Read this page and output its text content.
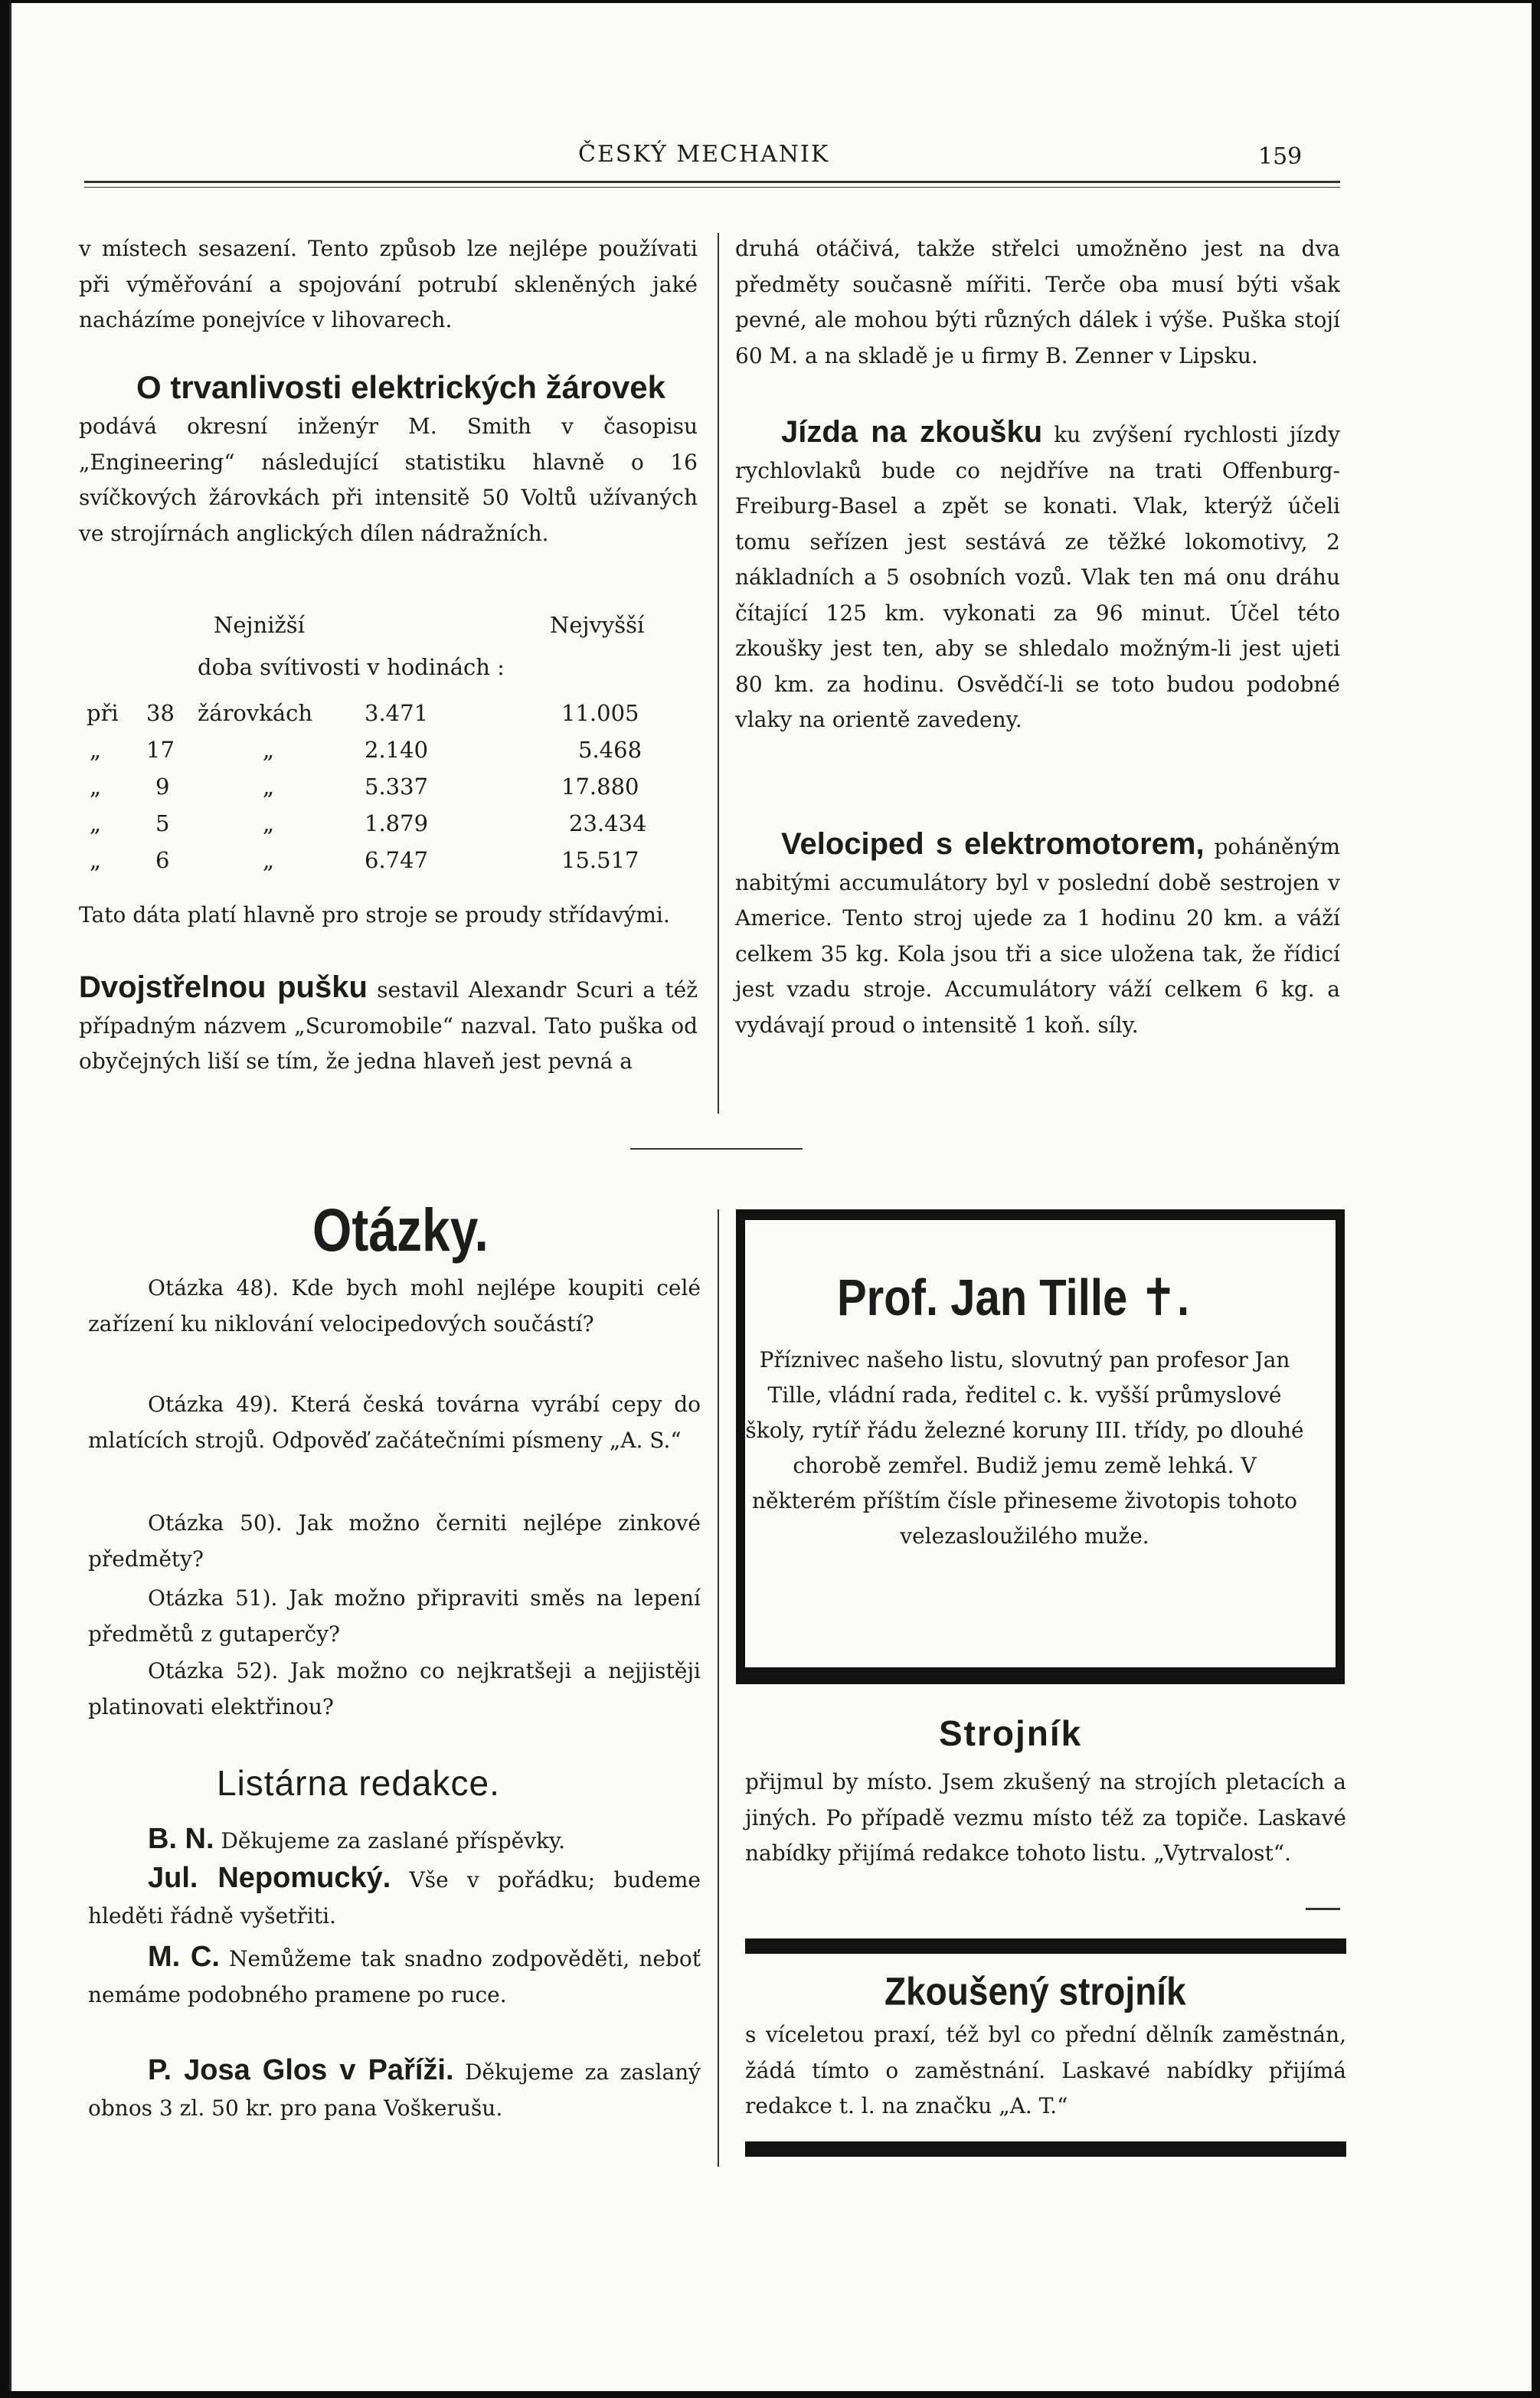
ČESKÝ MECHANIK	159
v místech sesazení. Tento způsob lze nejlépe používati při výměřování a spojování potrubí skleněných jaké nacházíme ponejvíce v lihovarech.
O trvanlivosti elektrických žárovek
podává okresní inženýr M. Smith v časopisu „Engineering“ následující statistiku hlavně o 16 svíčkových žárovkách při intensitě 50 Voltů užívaných ve strojírnách anglických dílen nádražních.
Nejnižší	Nejvyšší
doba svítivosti v hodinách :
při 38 žárovkách 3.471	11.005
„ 17	„	2.140	5.468
„ 9	„	5.337	17.880
„ 5	„	1.879	23.434
„ 6	„	6.747	15.517
Tato dáta platí hlavně pro stroje se proudy střídavými.
Dvojstřelnou pušku sestavil Alexandr Scuri a též případným názvem „Scuromobile“ nazval. Tato puška od obyčejných liší se tím, že jedna hlaveň jest pevná a
druhá otáčivá, takže střelci umožněno jest na dva předměty současně mířiti. Terče oba musí býti však pevné, ale mohou býti různých dálek i výše. Puška stojí 60 M. a na skladě je u firmy B. Zenner v Lipsku.
Jízda na zkoušku ku zvýšení rychlosti jízdy rychlovlaků bude co nejdříve na trati Offenburg-Freiburg-Basel a zpět se konati. Vlak, kterýž účeli tomu seřízen jest sestává ze těžké lokomotivy, 2 nákladních a 5 osobních vozů. Vlak ten má onu dráhu čítající 125 km. vykonati za 96 minut. Účel této zkoušky jest ten, aby se shledalo možným-li jest ujeti 80 km. za hodinu. Osvědčí-li se toto budou podobné vlaky na orientě zavedeny.
Velociped s elektromotorem, poháněným nabitými accumulátory byl v poslední době sestrojen v Americe. Tento stroj ujede za 1 hodinu 20 km. a váží celkem 35 kg. Kola jsou tři a sice uložena tak, že řídicí jest vzadu stroje. Accumulátory váží celkem 6 kg. a vydávají proud o intensitě 1 koň. síly.
Otázky.
Otázka 48). Kde bych mohl nejlépe koupiti celé zařízení ku niklování velocipedových součástí?
Otázka 49). Která česká továrna vyrábí cepy do mlatících strojů. Odpověď začátečními písmeny „A. S.“
Otázka 50). Jak možno černiti nejlépe zinkové předměty?
Otázka 51). Jak možno připraviti směs na lepení předmětů z gutaperčy?
Otázka 52). Jak možno co nejkratšeji a nejjistěji platinovati elektřinou?
Listárna redakce.
B. N. Děkujeme za zaslané příspěvky.
Jul. Nepomucký. Vše v pořádku; budeme hleděti řádně vyšetřiti.
M. C. Nemůžeme tak snadno zodpověděti, neboť nemáme podobného pramene po ruce.
P. Josa Glos v Paříži. Děkujeme za zaslaný obnos 3 zl. 50 kr. pro pana Voškerušu.
Prof. Jan Tille ✝.
Příznivec našeho listu, slovutný pan profesor Jan Tille, vládní rada, ředitel c. k. vyšší průmyslové školy, rytíř řádu železné koruny III. třídy, po dlouhé chorobě zemřel. Budiž jemu země lehká. V některém příštím čísle přineseme životopis tohoto velezasloužilého muže.
Strojník
přijmul by místo. Jsem zkušený na strojích pletacích a jiných. Po případě vezmu místo též za topiče. Laskavé nabídky přijímá redakce tohoto listu. „Vytrvalost“.
Zkoušený strojník
s víceletou praxí, též byl co přední dělník zaměstnán, žádá tímto o zaměstnání. Laskavé nabídky přijímá redakce t. l. na značku „A. T.“
